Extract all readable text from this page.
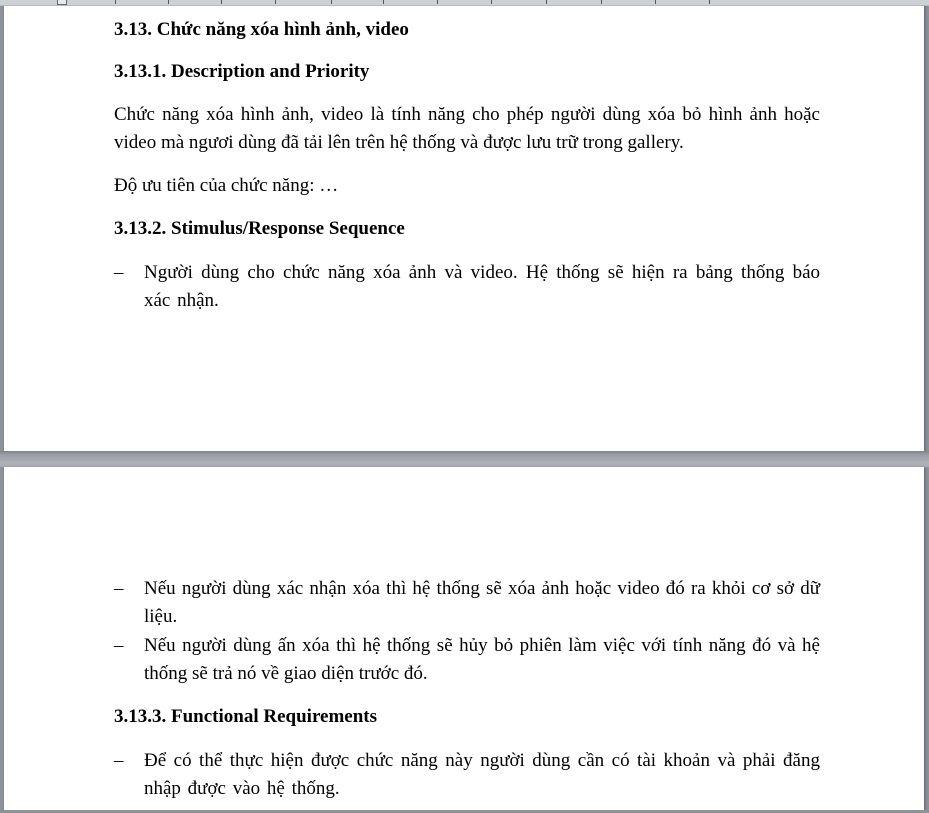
3.13. Chức năng xóa hình ảnh, video
3.13.1. Description and Priority
Chức năng xóa hình ảnh, video là tính năng cho phép người dùng xóa bỏ hình ảnh hoặc video mà ngươi dùng đã tải lên trên hệ thống và được lưu trữ trong gallery.
Độ ưu tiên của chức năng: …
3.13.2. Stimulus/Response Sequence
–	Người dùng cho chức năng xóa ảnh và video. Hệ thống sẽ hiện ra bảng thống báo xác nhận.
–	Nếu người dùng xác nhận xóa thì hệ thống sẽ xóa ảnh hoặc video đó ra khỏi cơ sở dữ liệu.
–	Nếu người dùng ấn xóa thì hệ thống sẽ hủy bỏ phiên làm việc với tính năng đó và hệ thống sẽ trả nó về giao diện trước đó.
3.13.3. Functional Requirements
–	Để có thể thực hiện được chức năng này người dùng cần có tài khoản và phải đăng nhập được vào hệ thống.
